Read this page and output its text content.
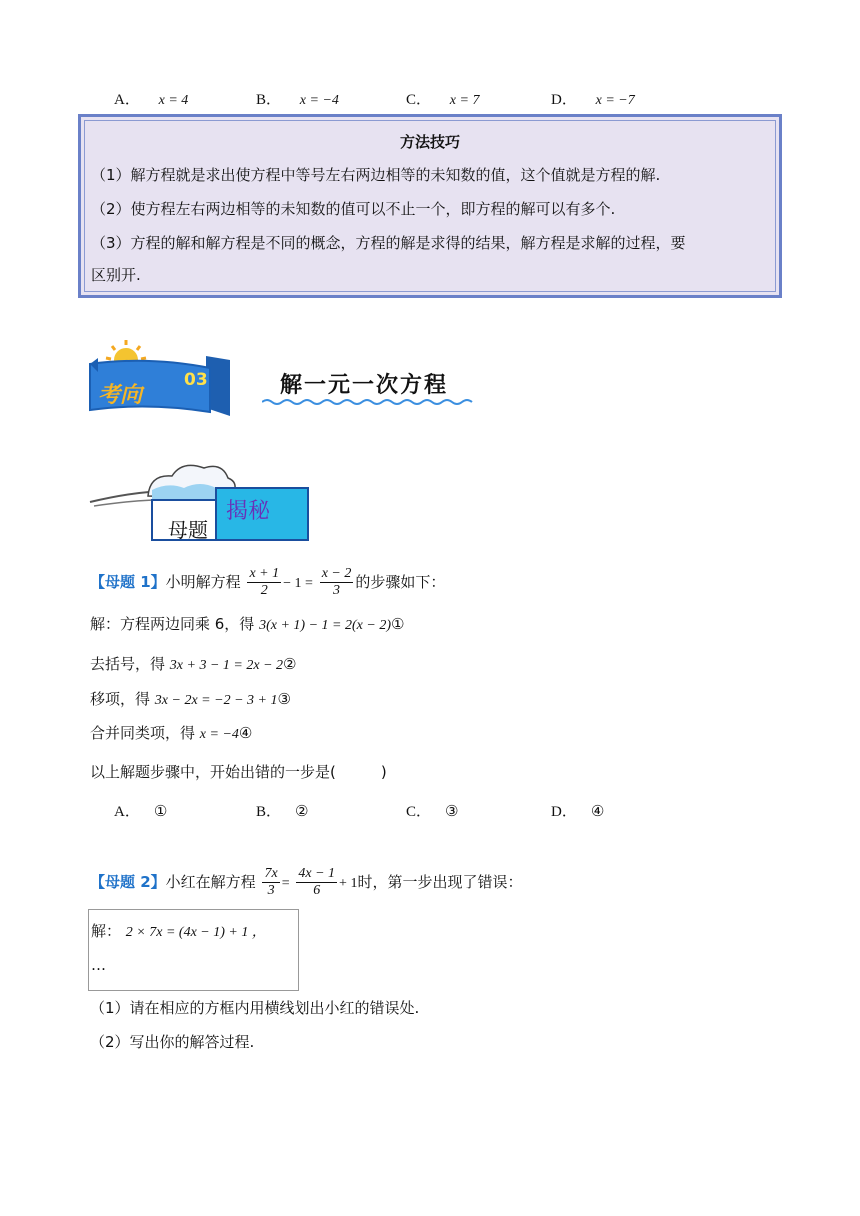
A． x = 4	B． x = −4	C． x = 7	D． x = −7
方法技巧
（1）解方程就是求出使方程中等号左右两边相等的未知数的值，这个值就是方程的解.
（2）使方程左右两边相等的未知数的值可以不止一个，即方程的解可以有多个.
（3）方程的解和解方程是不同的概念，方程的解是求得的结果，解方程是求解的过程，要
区别开.
考向
03	解一元一次方程
母题
揭秘
【母题 1】小明解方程 $\frac{x + 1}{2} - 1 = \frac{x - 2}{3}$ 的步骤如下：
解：方程两边同乘 6，得 3(x + 1) − 1 = 2(x − 2)①
去括号，得 3x + 3 − 1 = 2x − 2②
移项，得 3x − 2x = −2 − 3 + 1③
合并同类项，得 x = −4④
以上解题步骤中，开始出错的一步是(　　　)
A． ①	B． ②	C． ③	D． ④
【母题 2】小红在解方程 $\frac{7x}{3} = \frac{4x - 1}{6} + 1$时，第一步出现了错误：
解： 2 × 7x = (4x − 1) + 1 ，
…
（1）请在相应的方框内用横线划出小红的错误处.
（2）写出你的解答过程.
